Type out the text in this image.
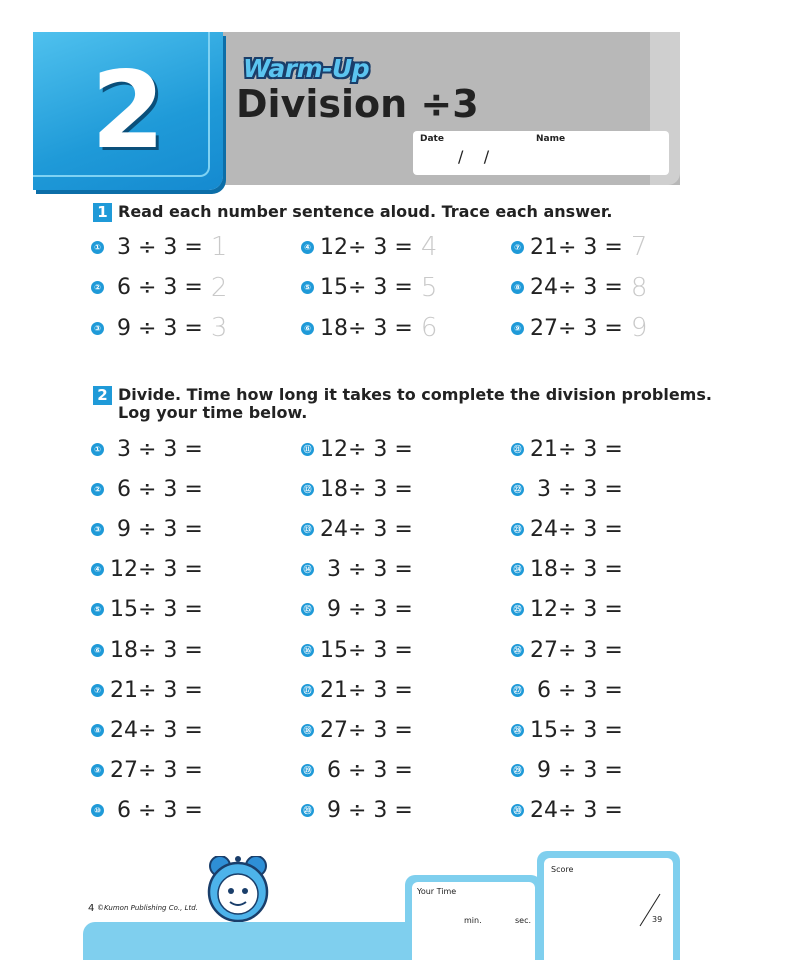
2	Warm-Up
Division ÷3
Date	Name
/    /
1 Read each number sentence aloud. Trace each answer.
① 3 ÷ 3 = 1
② 6 ÷ 3 = 2
③ 9 ÷ 3 = 3
④ 12÷ 3 = 4
⑤ 15÷ 3 = 5
⑥ 18÷ 3 = 6
⑦ 21÷ 3 = 7
⑧ 24÷ 3 = 8
⑨ 27÷ 3 = 9
2 Divide. Time how long it takes to complete the division problems.
Log your time below.
① 3 ÷ 3 =
② 6 ÷ 3 =
③ 9 ÷ 3 =
④ 12÷ 3 =
⑤ 15÷ 3 =
⑥ 18÷ 3 =
⑦ 21÷ 3 =
⑧ 24÷ 3 =
⑨ 27÷ 3 =
⑩ 6 ÷ 3 =
⑪ 12÷ 3 =
⑫ 18÷ 3 =
⑬ 24÷ 3 =
⑭ 3 ÷ 3 =
⑮ 9 ÷ 3 =
⑯ 15÷ 3 =
⑰ 21÷ 3 =
⑱ 27÷ 3 =
⑲ 6 ÷ 3 =
⑳ 9 ÷ 3 =
㉑ 21÷ 3 =
㉒ 3 ÷ 3 =
㉓ 24÷ 3 =
㉔ 18÷ 3 =
㉕ 12÷ 3 =
㉖ 27÷ 3 =
㉗ 6 ÷ 3 =
㉘ 15÷ 3 =
㉙ 9 ÷ 3 =
㉚ 24÷ 3 =
4 ©Kumon Publishing Co., Ltd.
Your Time
min.	sec.
Score
39
